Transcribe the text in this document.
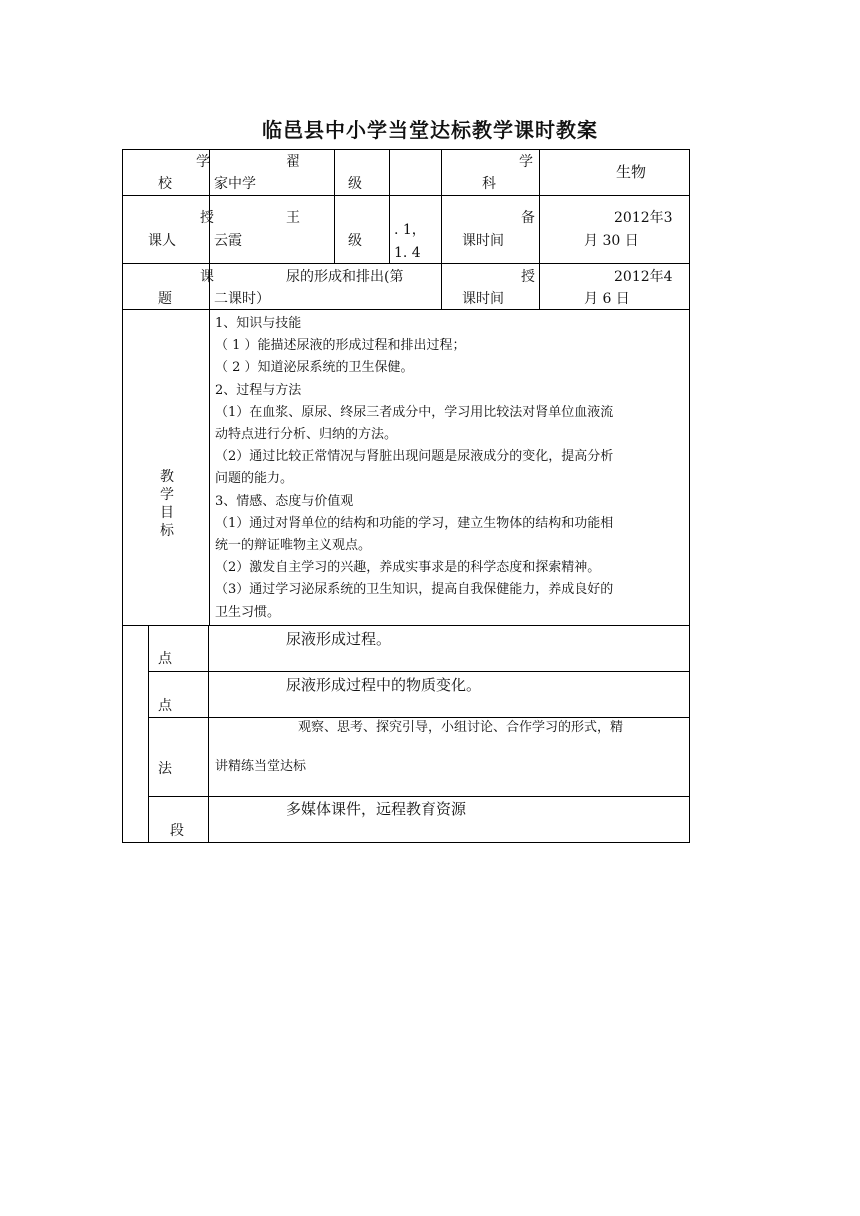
临邑县中小学当堂达标教学课时教案
学
校
翟
家中学	级
学
科
生物
授
课人
王
云霞	级
. 1，
1. 4
备
课时间
2012年3
月 30 日
课
题
尿的形成和排出(第
二课时）
授
课时间
2012年4
月 6 日
教
学
目
标

1、知识与技能

（ 1 ）能描述尿液的形成过程和排出过程；

（ 2 ）知道泌尿系统的卫生保健。

2、过程与方法

（1）在血浆、原尿、终尿三者成分中，学习用比较法对肾单位血液流

动特点进行分析、归纳的方法。

（2）通过比较正常情况与肾脏出现问题是尿液成分的变化，提高分析

问题的能力。

3、情感、态度与价值观

（1）通过对肾单位的结构和功能的学习，建立生物体的结构和功能相

统一的辩证唯物主义观点。

（2）激发自主学习的兴趣，养成实事求是的科学态度和探索精神。

（3）通过学习泌尿系统的卫生知识，提高自我保健能力，养成良好的

卫生习惯。

点
尿液形成过程。
点
尿液形成过程中的物质变化。
法
观察、思考、探究引导，小组讨论、合作学习的形式，精
讲精练当堂达标
段
多媒体课件，远程教育资源
